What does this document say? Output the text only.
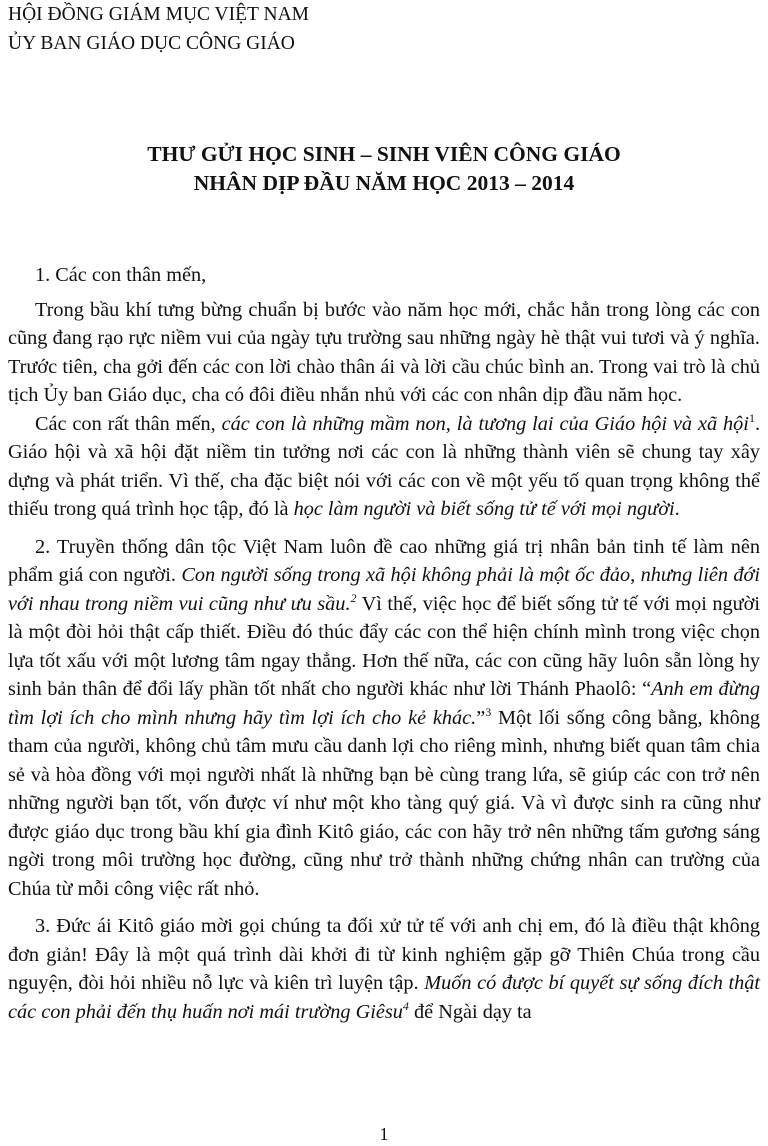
HỘI ĐỒNG GIÁM MỤC VIỆT NAM
ỦY BAN GIÁO DỤC CÔNG GIÁO
THƯ GỬI HỌC SINH – SINH VIÊN CÔNG GIÁO
NHÂN DỊP ĐẦU NĂM HỌC 2013 – 2014

1. Các con thân mến,

Trong bầu khí tưng bừng chuẩn bị bước vào năm học mới, chắc hẳn trong lòng các con cũng đang rạo rực niềm vui của ngày tựu trường sau những ngày hè thật vui tươi và ý nghĩa. Trước tiên, cha gởi đến các con lời chào thân ái và lời cầu chúc bình an. Trong vai trò là chủ tịch Ủy ban Giáo dục, cha có đôi điều nhắn nhủ với các con nhân dịp đầu năm học.

Các con rất thân mến, các con là những mầm non, là tương lai của Giáo hội và xã hội$^1$. Giáo hội và xã hội đặt niềm tin tưởng nơi các con là những thành viên sẽ chung tay xây dựng và phát triển. Vì thế, cha đặc biệt nói với các con về một yếu tố quan trọng không thể thiếu trong quá trình học tập, đó là học làm người và biết sống tử tế với mọi người.

2. Truyền thống dân tộc Việt Nam luôn đề cao những giá trị nhân bản tinh tế làm nên phẩm giá con người. Con người sống trong xã hội không phải là một ốc đảo, nhưng liên đới với nhau trong niềm vui cũng như ưu sầu.$^2$ Vì thế, việc học để biết sống tử tế với mọi người là một đòi hỏi thật cấp thiết. Điều đó thúc đẩy các con thể hiện chính mình trong việc chọn lựa tốt xấu với một lương tâm ngay thẳng. Hơn thế nữa, các con cũng hãy luôn sẵn lòng hy sinh bản thân để đổi lấy phần tốt nhất cho người khác như lời Thánh Phaolô: “Anh em đừng tìm lợi ích cho mình nhưng hãy tìm lợi ích cho kẻ khác.”$^3$ Một lối sống công bằng, không tham của người, không chủ tâm mưu cầu danh lợi cho riêng mình, nhưng biết quan tâm chia sẻ và hòa đồng với mọi người nhất là những bạn bè cùng trang lứa, sẽ giúp các con trở nên những người bạn tốt, vốn được ví như một kho tàng quý giá. Và vì được sinh ra cũng như được giáo dục trong bầu khí gia đình Kitô giáo, các con hãy trở nên những tấm gương sáng ngời trong môi trường học đường, cũng như trở thành những chứng nhân can trường của Chúa từ mỗi công việc rất nhỏ.

3. Đức ái Kitô giáo mời gọi chúng ta đối xử tử tế với anh chị em, đó là điều thật không đơn giản! Đây là một quá trình dài khởi đi từ kinh nghiệm gặp gỡ Thiên Chúa trong cầu nguyện, đòi hỏi nhiều nỗ lực và kiên trì luyện tập. Muốn có được bí quyết sự sống đích thật các con phải đến thụ huấn nơi mái trường Giêsu$^4$ để Ngài dạy ta

1
